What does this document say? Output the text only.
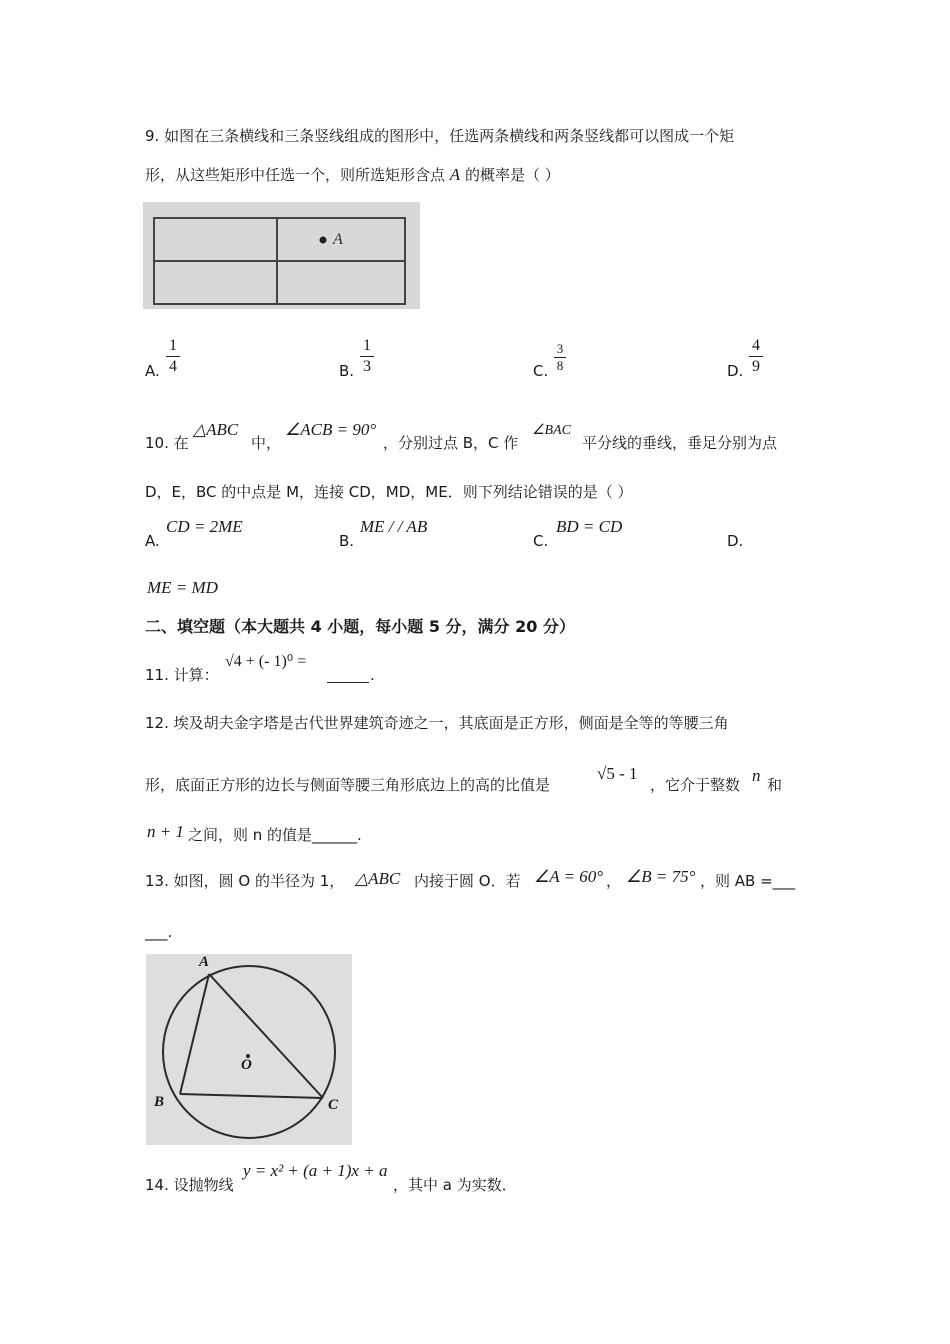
9. 如图在三条横线和三条竖线组成的图形中，任选两条横线和两条竖线都可以图成一个矩
形，从这些矩形中任选一个，则所选矩形含点 A 的概率是（ ）
A
A.
1
4	B.
1
3	C.
3
8	D.
4
9
10. 在
△ABC
中，
∠ACB = 90°
，分别过点 B，C 作
∠BAC
平分线的垂线，垂足分别为点
D，E，BC 的中点是 M，连接 CD，MD，ME．则下列结论错误的是（ ）
A.
CD = 2ME
B.
ME / / AB
C.
BD = CD
D.
ME = MD
二、填空题（本大题共 4 小题，每小题 5 分，满分 20 分）
11. 计算：
√4 + (- 1)⁰ =
.
12. 埃及胡夫金字塔是古代世界建筑奇迹之一，其底面是正方形，侧面是全等的等腰三角
形，底面正方形的边长与侧面等腰三角形底边上的高的比值是
√5 - 1
，它介于整数 n 和
n + 1 之间，则 n 的值是______.
13. 如图，圆 O 的半径为 1， △ABC 内接于圆 O．若 ∠A = 60° ， ∠B = 75° ，则 AB =___
___.
A
B	C
O
14. 设抛物线
y = x² + (a + 1)x + a
，其中 a 为实数．
